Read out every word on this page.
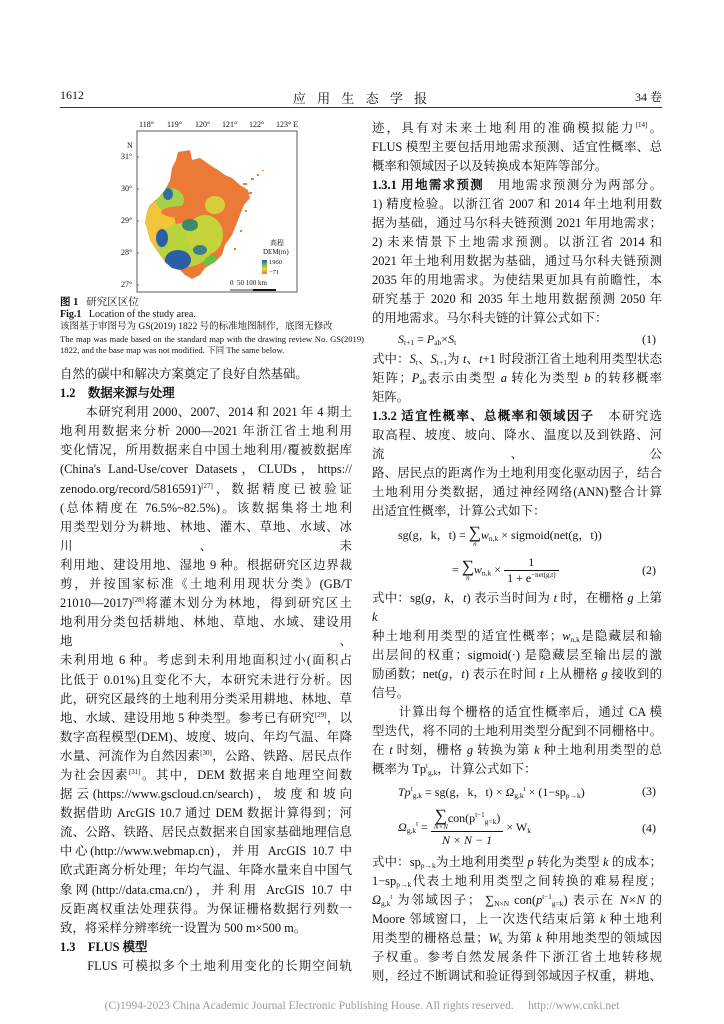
1612	应 用 生 态 学 报	34 卷
118° 119° 120° 121° 122° 123° E
N
31°
30°
29°
28°
27°
高程
DEM(m)
1960
−71
0  50 100 km
图 1 研究区区位
Fig.1 Location of the study area.
该图基于审图号为 GS(2019) 1822 号的标准地图制作，底图无修改
The map was made based on the standard map with the drawing review No. GS(2019) 1822, and the base map was not modified. 下同 The same below.
自然的碳中和解决方案奠定了良好自然基础。
1.2　数据来源与处理
　　本研究利用 2000、2007、2014 和 2021 年 4 期土
地利用数据来分析 2000—2021 年浙江省土地利用
变化情况，所用数据来自中国土地利用/覆被数据库
(China's Land-Use/cover Datasets，CLUDs，https://
zenodo.org/record/5816591)[27]，数据精度已被验证
(总体精度在 76.5%~82.5%)。该数据集将土地利
用类型划分为耕地、林地、灌木、草地、水域、冰川、未
利用地、建设用地、湿地 9 种。根据研究区边界裁
剪，并按国家标准《土地利用现状分类》(GB/T
21010—2017)[28]将灌木划分为林地，得到研究区土
地利用分类包括耕地、林地、草地、水域、建设用地、
未利用地 6 种。考虑到未利用地面积过小(面积占
比低于 0.01%)且变化不大，本研究未进行分析。因
此，研究区最终的土地利用分类采用耕地、林地、草
地、水域、建设用地 5 种类型。参考已有研究[29]，以
数字高程模型(DEM)、坡度、坡向、年均气温、年降
水量、河流作为自然因素[30]，公路、铁路、居民点作
为社会因素[31]。其中，DEM 数据来自地理空间数
据云(https://www.gscloud.cn/search)，坡度和坡向
数据借助 ArcGIS 10.7 通过 DEM 数据计算得到；河
流、公路、铁路、居民点数据来自国家基础地理信息
中心(http://www.webmap.cn)，并用 ArcGIS 10.7 中
欧式距离分析处理；年均气温、年降水量来自中国气
象网(http://data.cma.cn/)，并利用 ArcGIS 10.7 中
反距离权重法处理获得。为保证栅格数据行列数一
致，将采样分辨率统一设置为 500 m×500 m。
1.3　FLUS 模型
　　FLUS 可模拟多个土地利用变化的长期空间轨
迹，具有对未来土地利用的准确模拟能力[14]。
FLUS 模型主要包括用地需求预测、适宜性概率、总
概率和领域因子以及转换成本矩阵等部分。
1.3.1 用地需求预测　用地需求预测分为两部分。
1) 精度检验。以浙江省 2007 和 2014 年土地利用数
据为基础，通过马尔科夫链预测 2021 年用地需求；
2) 未来情景下土地需求预测。以浙江省 2014 和
2021 年土地利用数据为基础，通过马尔科夫链预测
2035 年的用地需求。为使结果更加具有前瞻性，本
研究基于 2020 和 2035 年土地用数据预测 2050 年
的用地需求。马尔科夫链的计算公式如下：
$S_{t+1} = P_{ab}\times S_t$	(1)
式中：$S_t$、$S_{t+1}$为 t、t+1 时段浙江省土地利用类型状态
矩阵；$P_{ab}$表示由类型 a 转化为类型 b 的转移概率
矩阵。
1.3.2 适宜性概率、总概率和领域因子　本研究选
取高程、坡度、坡向、降水、温度以及到铁路、河流、公
路、居民点的距离作为土地利用变化驱动因子，结合
土地利用分类数据，通过神经网络(ANN)整合计算
出适宜性概率，计算公式如下：
sg(g，k，t) = ∑
n
$w_{n,k}$ × sigmoid(net(g，t))
= ∑
n
$w_{n,k} \times \frac{1}{1 + e^{-net(g,t)}}$	(2)
式中：sg(g，k，t) 表示当时间为 t 时，在栅格 g 上第 k
种土地利用类型的适宜性概率；$w_{n,k}$是隐藏层和输
出层间的权重；sigmoid(·) 是隐藏层至输出层的激
励函数；net(g，t) 表示在时间 t 上从栅格 g 接收到的
信号。
　　计算出每个栅格的适宜性概率后，通过 CA 模
型迭代，将不同的土地利用类型分配到不同栅格中。
在 t 时刻，栅格 g 转换为第 k 种土地利用类型的总
概率为 $Tp^t_{g,k}$，计算公式如下：
$Tp^t_{g,k} = sg(g$，k，$t) \times \Omega_{g,k}^t \times (1-sp_{p\to k})$	(3)
$\Omega_{g,k}^t$ = ∑
N×N
$con(p^{t-1}_{g=k})$
$N \times N - 1 \times W_k$	(4)
式中：$sp_{p\to k}$为土地利用类型 p 转化为类型 k 的成本；
$1-sp_{p\to k}$代表土地利用类型之间转换的难易程度；
$\Omega_{g,k}^t$ 为邻域因子； $\sum_{N\times N}$ $con(p^{t-1}_{g=k})$ 表示在 N×N 的
Moore 邻域窗口，上一次迭代结束后第 k 种土地利
用类型的栅格总量；$W_k$ 为第 k 种用地类型的领域因
子权重。参考自然发展条件下浙江省土地转移规
则，经过不断调试和验证得到邻域因子权重，耕地、
(C)1994-2023 China Academic Journal Electronic Publishing House. All rights reserved. http://www.cnki.net
